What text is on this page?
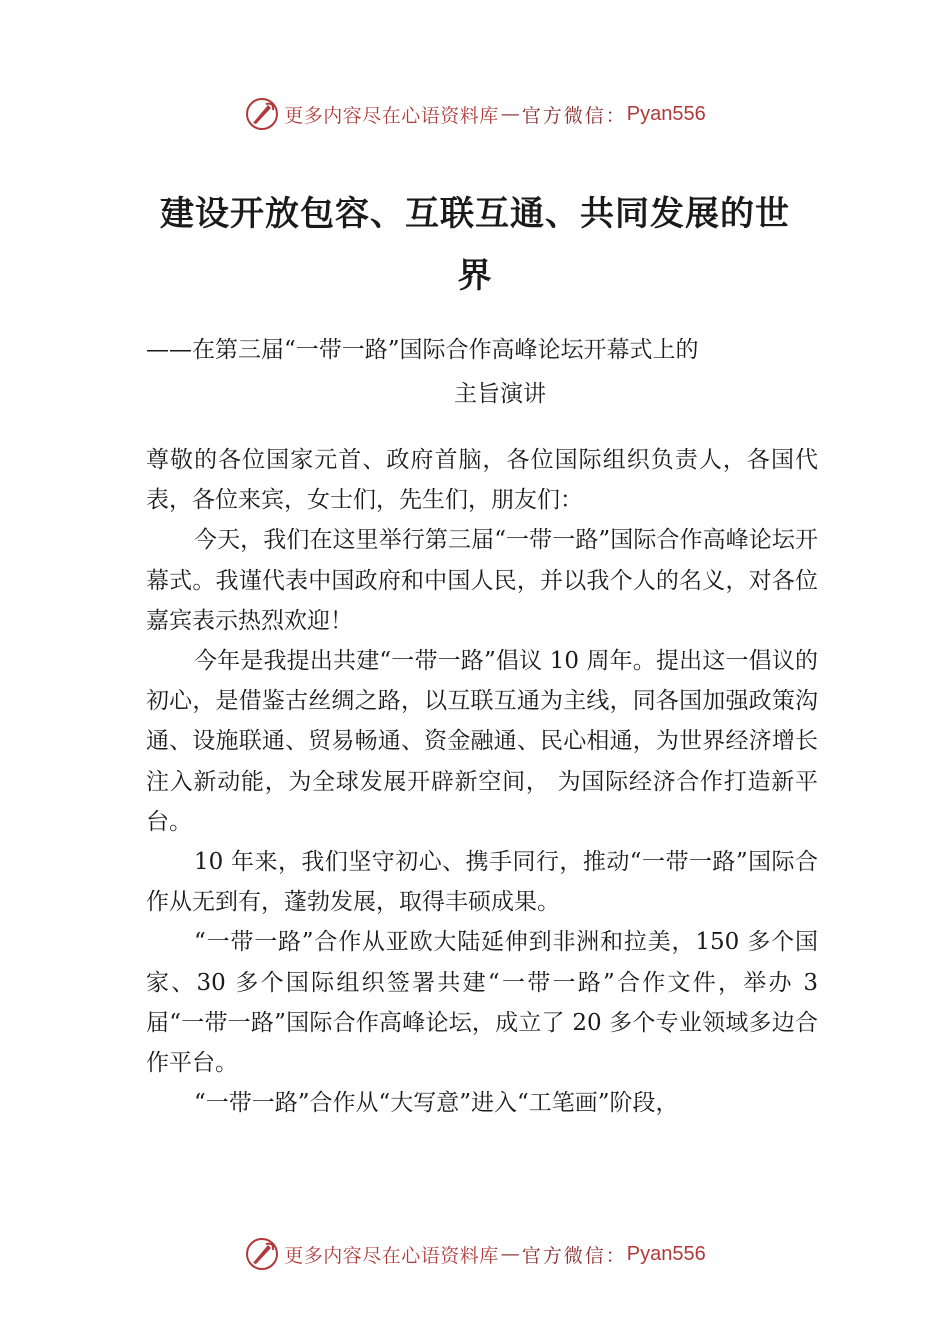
更多内容尽在心语资料库 — 官方微信： Pyan556
建设开放包容、互联互通、共同发展的世
界
——在第三届“一带一路”国际合作高峰论坛开幕式上的
主旨演讲

尊敬的各位国家元首、政府首脑，各位国际组织负责人，各国代表，各位来宾，女士们，先生们，朋友们：

今天，我们在这里举行第三届“一带一路”国际合作高峰论坛开幕式。我谨代表中国政府和中国人民，并以我个人的名义，对各位嘉宾表示热烈欢迎！

今年是我提出共建“一带一路”倡议 10 周年。提出这一倡议的初心，是借鉴古丝绸之路，以互联互通为主线，同各国加强政策沟通、设施联通、贸易畅通、资金融通、民心相通，为世界经济增长注入新动能，为全球发展开辟新空间， 为国际经济合作打造新平台。

10 年来，我们坚守初心、携手同行，推动“一带一路”国际合作从无到有，蓬勃发展，取得丰硕成果。

“一带一路”合作从亚欧大陆延伸到非洲和拉美，150 多个国家、30 多个国际组织签署共建“一带一路”合作文件，举办 3 届“一带一路”国际合作高峰论坛，成立了 20 多个专业领域多边合作平台。

“一带一路”合作从“大写意”进入“工笔画”阶段，

更多内容尽在心语资料库 — 官方微信： Pyan556
